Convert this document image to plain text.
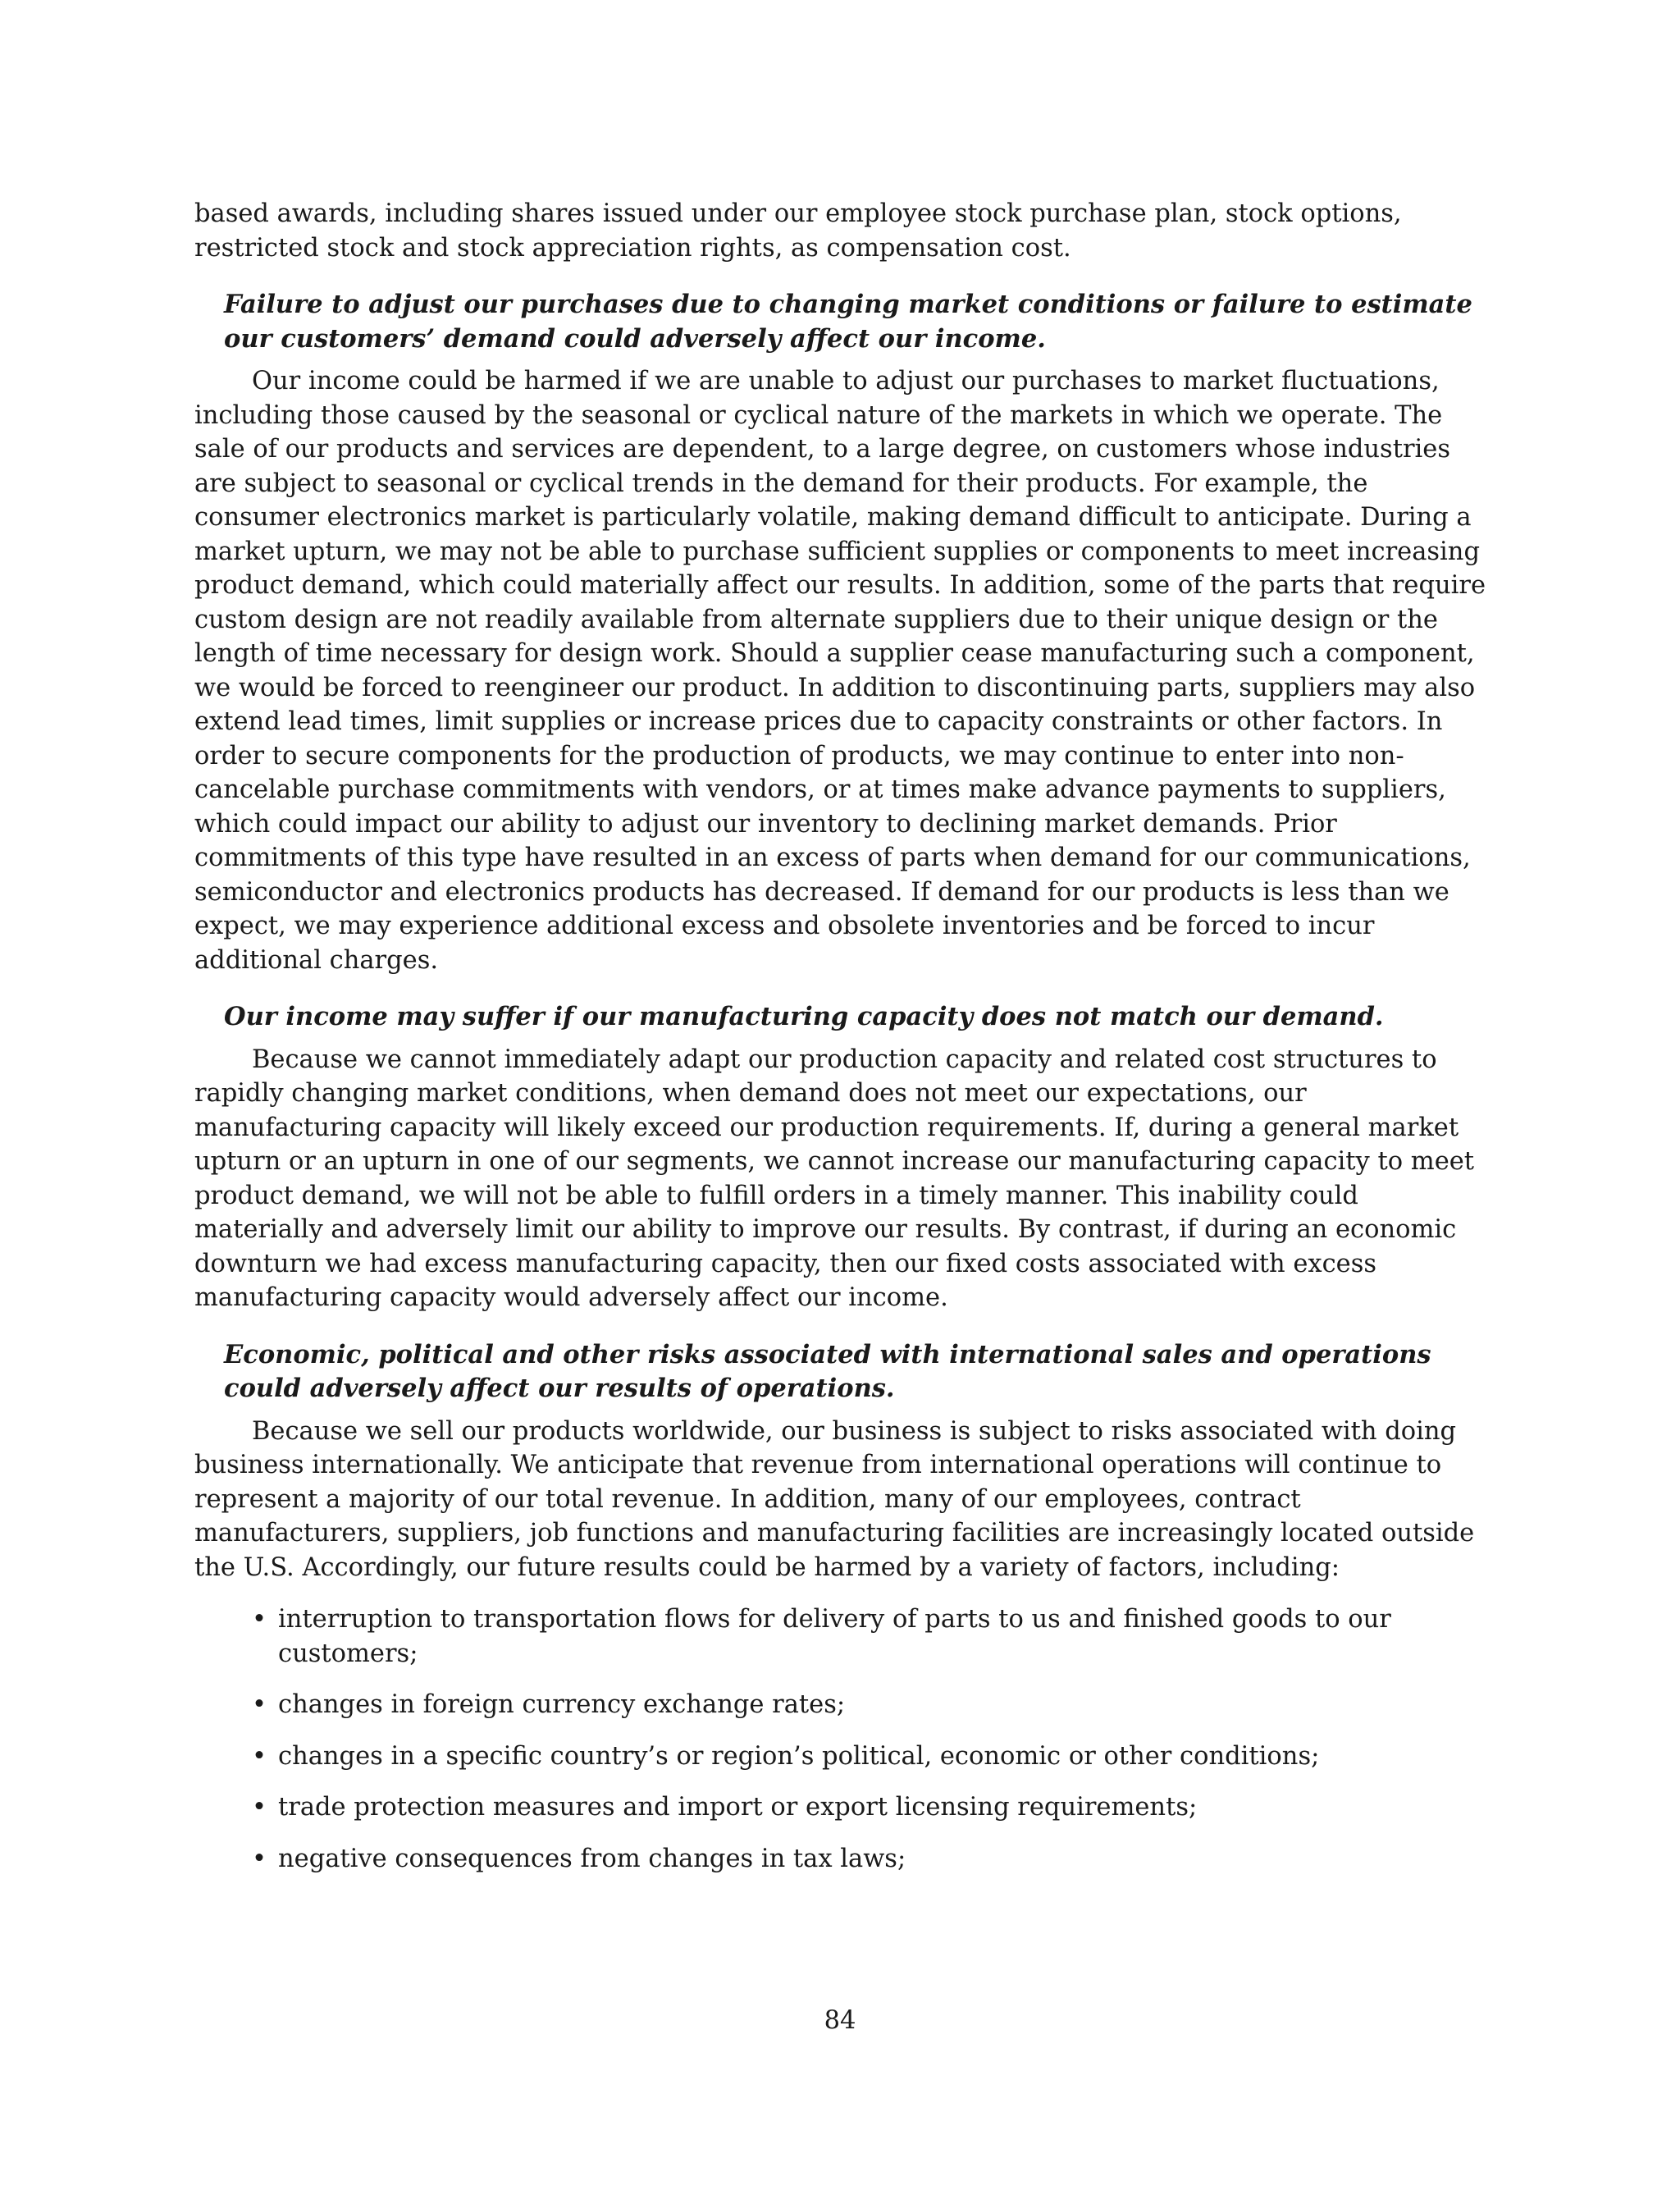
based awards, including shares issued under our employee stock purchase plan, stock options, restricted stock and stock appreciation rights, as compensation cost.

Failure to adjust our purchases due to changing market conditions or failure to estimate our customers’ demand could adversely affect our income.

Our income could be harmed if we are unable to adjust our purchases to market fluctuations, including those caused by the seasonal or cyclical nature of the markets in which we operate. The sale of our products and services are dependent, to a large degree, on customers whose industries are subject to seasonal or cyclical trends in the demand for their products. For example, the consumer electronics market is particularly volatile, making demand difficult to anticipate. During a market upturn, we may not be able to purchase sufficient supplies or components to meet increasing product demand, which could materially affect our results. In addition, some of the parts that require custom design are not readily available from alternate suppliers due to their unique design or the length of time necessary for design work. Should a supplier cease manufacturing such a component, we would be forced to reengineer our product. In addition to discontinuing parts, suppliers may also extend lead times, limit supplies or increase prices due to capacity constraints or other factors. In order to secure components for the production of products, we may continue to enter into non-cancelable purchase commitments with vendors, or at times make advance payments to suppliers, which could impact our ability to adjust our inventory to declining market demands. Prior commitments of this type have resulted in an excess of parts when demand for our communications, semiconductor and electronics products has decreased. If demand for our products is less than we expect, we may experience additional excess and obsolete inventories and be forced to incur additional charges.

Our income may suffer if our manufacturing capacity does not match our demand.

Because we cannot immediately adapt our production capacity and related cost structures to rapidly changing market conditions, when demand does not meet our expectations, our manufacturing capacity will likely exceed our production requirements. If, during a general market upturn or an upturn in one of our segments, we cannot increase our manufacturing capacity to meet product demand, we will not be able to fulfill orders in a timely manner. This inability could materially and adversely limit our ability to improve our results. By contrast, if during an economic downturn we had excess manufacturing capacity, then our fixed costs associated with excess manufacturing capacity would adversely affect our income.

Economic, political and other risks associated with international sales and operations could adversely affect our results of operations.

Because we sell our products worldwide, our business is subject to risks associated with doing business internationally. We anticipate that revenue from international operations will continue to represent a majority of our total revenue. In addition, many of our employees, contract manufacturers, suppliers, job functions and manufacturing facilities are increasingly located outside the U.S. Accordingly, our future results could be harmed by a variety of factors, including:

• interruption to transportation flows for delivery of parts to us and finished goods to our customers;
• changes in foreign currency exchange rates;
• changes in a specific country’s or region’s political, economic or other conditions;
• trade protection measures and import or export licensing requirements;
• negative consequences from changes in tax laws;
84
